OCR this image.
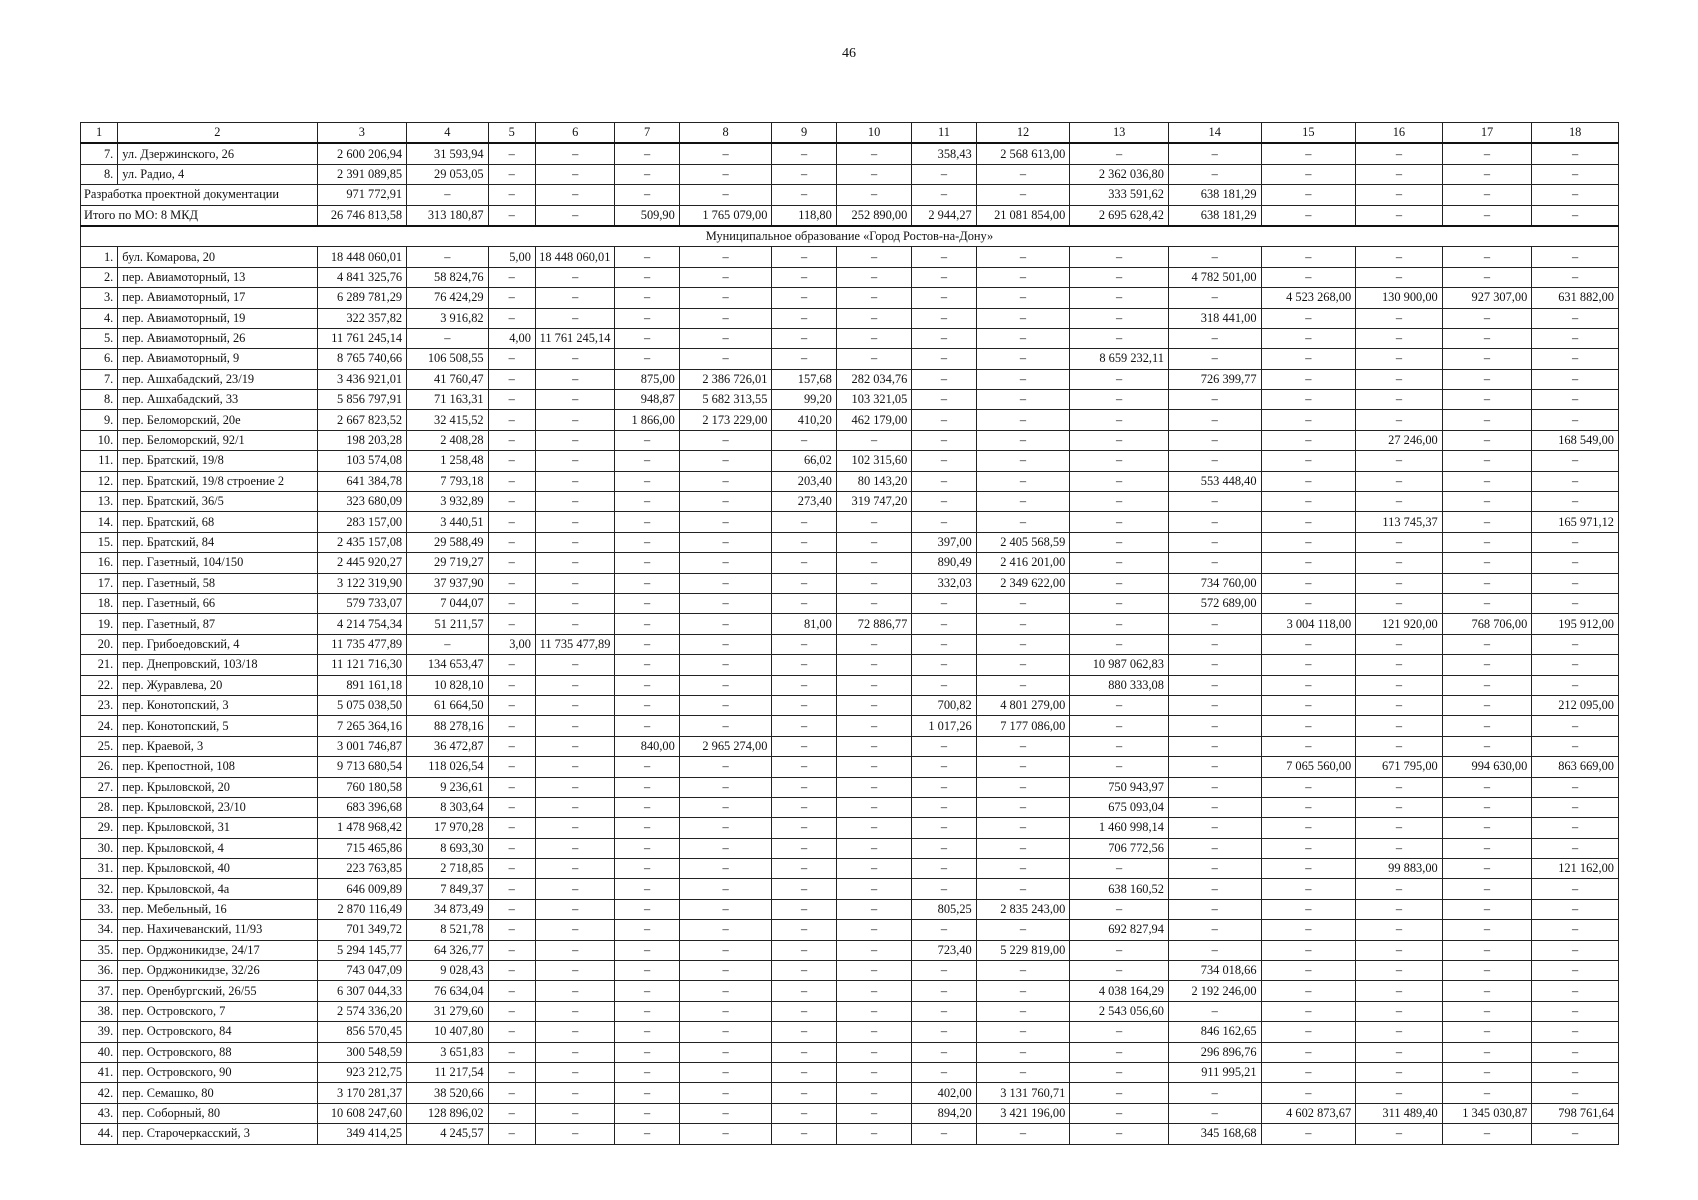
46
1	2	3	4	5	6	7	8	9	10	11	12	13	14	15	16	17	18
7.	ул. Дзержинского, 26	2 600 206,94	31 593,94	–	–	–	–	–	–	358,43	2 568 613,00	–	–	–	–	–	–
8.	ул. Радио, 4	2 391 089,85	29 053,05	–	–	–	–	–	–	–	–	2 362 036,80	–	–	–	–	–
Разработка проектной документации		971 772,91	–	–	–	–	–	–	–	–	–	333 591,62	638 181,29	–	–	–	–
Итого по МО: 8 МКД		26 746 813,58	313 180,87	–	–	509,90	1 765 079,00	118,80	252 890,00	2 944,27	21 081 854,00	2 695 628,42	638 181,29	–	–	–	–
Муниципальное образование «Город Ростов-на-Дону»																	
1.	бул. Комарова, 20	18 448 060,01	–	5,00	18 448 060,01	–	–	–	–	–	–	–	–	–	–	–	–
2.	пер. Авиамоторный, 13	4 841 325,76	58 824,76	–	–	–	–	–	–	–	–	–	4 782 501,00	–	–	–	–
3.	пер. Авиамоторный, 17	6 289 781,29	76 424,29	–	–	–	–	–	–	–	–	–	–	4 523 268,00	130 900,00	927 307,00	631 882,00
4.	пер. Авиамоторный, 19	322 357,82	3 916,82	–	–	–	–	–	–	–	–	–	318 441,00	–	–	–	–
5.	пер. Авиамоторный, 26	11 761 245,14	–	4,00	11 761 245,14	–	–	–	–	–	–	–	–	–	–	–	–
6.	пер. Авиамоторный, 9	8 765 740,66	106 508,55	–	–	–	–	–	–	–	–	8 659 232,11	–	–	–	–	–
7.	пер. Ашхабадский, 23/19	3 436 921,01	41 760,47	–	–	875,00	2 386 726,01	157,68	282 034,76	–	–	–	726 399,77	–	–	–	–
8.	пер. Ашхабадский, 33	5 856 797,91	71 163,31	–	–	948,87	5 682 313,55	99,20	103 321,05	–	–	–	–	–	–	–	–
9.	пер. Беломорский, 20е	2 667 823,52	32 415,52	–	–	1 866,00	2 173 229,00	410,20	462 179,00	–	–	–	–	–	–	–	–
10.	пер. Беломорский, 92/1	198 203,28	2 408,28	–	–	–	–	–	–	–	–	–	–	–	27 246,00	–	168 549,00
11.	пер. Братский, 19/8	103 574,08	1 258,48	–	–	–	–	66,02	102 315,60	–	–	–	–	–	–	–	–
12.	пер. Братский, 19/8 строение 2	641 384,78	7 793,18	–	–	–	–	203,40	80 143,20	–	–	–	553 448,40	–	–	–	–
13.	пер. Братский, 36/5	323 680,09	3 932,89	–	–	–	–	273,40	319 747,20	–	–	–	–	–	–	–	–
14.	пер. Братский, 68	283 157,00	3 440,51	–	–	–	–	–	–	–	–	–	–	–	113 745,37	–	165 971,12
15.	пер. Братский, 84	2 435 157,08	29 588,49	–	–	–	–	–	–	397,00	2 405 568,59	–	–	–	–	–	–
16.	пер. Газетный, 104/150	2 445 920,27	29 719,27	–	–	–	–	–	–	890,49	2 416 201,00	–	–	–	–	–	–
17.	пер. Газетный, 58	3 122 319,90	37 937,90	–	–	–	–	–	–	332,03	2 349 622,00	–	734 760,00	–	–	–	–
18.	пер. Газетный, 66	579 733,07	7 044,07	–	–	–	–	–	–	–	–	–	572 689,00	–	–	–	–
19.	пер. Газетный, 87	4 214 754,34	51 211,57	–	–	–	–	81,00	72 886,77	–	–	–	–	3 004 118,00	121 920,00	768 706,00	195 912,00
20.	пер. Грибоедовский, 4	11 735 477,89	–	3,00	11 735 477,89	–	–	–	–	–	–	–	–	–	–	–	–
21.	пер. Днепровский, 103/18	11 121 716,30	134 653,47	–	–	–	–	–	–	–	–	10 987 062,83	–	–	–	–	–
22.	пер. Журавлева, 20	891 161,18	10 828,10	–	–	–	–	–	–	–	–	880 333,08	–	–	–	–	–
23.	пер. Конотопский, 3	5 075 038,50	61 664,50	–	–	–	–	–	–	700,82	4 801 279,00	–	–	–	–	–	212 095,00
24.	пер. Конотопский, 5	7 265 364,16	88 278,16	–	–	–	–	–	–	1 017,26	7 177 086,00	–	–	–	–	–	–
25.	пер. Краевой, 3	3 001 746,87	36 472,87	–	–	840,00	2 965 274,00	–	–	–	–	–	–	–	–	–	–
26.	пер. Крепостной, 108	9 713 680,54	118 026,54	–	–	–	–	–	–	–	–	–	–	7 065 560,00	671 795,00	994 630,00	863 669,00
27.	пер. Крыловской, 20	760 180,58	9 236,61	–	–	–	–	–	–	–	–	750 943,97	–	–	–	–	–
28.	пер. Крыловской, 23/10	683 396,68	8 303,64	–	–	–	–	–	–	–	–	675 093,04	–	–	–	–	–
29.	пер. Крыловской, 31	1 478 968,42	17 970,28	–	–	–	–	–	–	–	–	1 460 998,14	–	–	–	–	–
30.	пер. Крыловской, 4	715 465,86	8 693,30	–	–	–	–	–	–	–	–	706 772,56	–	–	–	–	–
31.	пер. Крыловской, 40	223 763,85	2 718,85	–	–	–	–	–	–	–	–	–	–	–	99 883,00	–	121 162,00
32.	пер. Крыловской, 4а	646 009,89	7 849,37	–	–	–	–	–	–	–	–	638 160,52	–	–	–	–	–
33.	пер. Мебельный, 16	2 870 116,49	34 873,49	–	–	–	–	–	–	805,25	2 835 243,00	–	–	–	–	–	–
34.	пер. Нахичеванский, 11/93	701 349,72	8 521,78	–	–	–	–	–	–	–	–	692 827,94	–	–	–	–	–
35.	пер. Орджоникидзе, 24/17	5 294 145,77	64 326,77	–	–	–	–	–	–	723,40	5 229 819,00	–	–	–	–	–	–
36.	пер. Орджоникидзе, 32/26	743 047,09	9 028,43	–	–	–	–	–	–	–	–	–	734 018,66	–	–	–	–
37.	пер. Оренбургский, 26/55	6 307 044,33	76 634,04	–	–	–	–	–	–	–	–	4 038 164,29	2 192 246,00	–	–	–	–
38.	пер. Островского, 7	2 574 336,20	31 279,60	–	–	–	–	–	–	–	–	2 543 056,60	–	–	–	–	–
39.	пер. Островского, 84	856 570,45	10 407,80	–	–	–	–	–	–	–	–	–	846 162,65	–	–	–	–
40.	пер. Островского, 88	300 548,59	3 651,83	–	–	–	–	–	–	–	–	–	296 896,76	–	–	–	–
41.	пер. Островского, 90	923 212,75	11 217,54	–	–	–	–	–	–	–	–	–	911 995,21	–	–	–	–
42.	пер. Семашко, 80	3 170 281,37	38 520,66	–	–	–	–	–	–	402,00	3 131 760,71	–	–	–	–	–	–
43.	пер. Соборный, 80	10 608 247,60	128 896,02	–	–	–	–	–	–	894,20	3 421 196,00	–	–	4 602 873,67	311 489,40	1 345 030,87	798 761,64
44.	пер. Старочеркасский, 3	349 414,25	4 245,57	–	–	–	–	–	–	–	–	–	345 168,68	–	–	–	–
